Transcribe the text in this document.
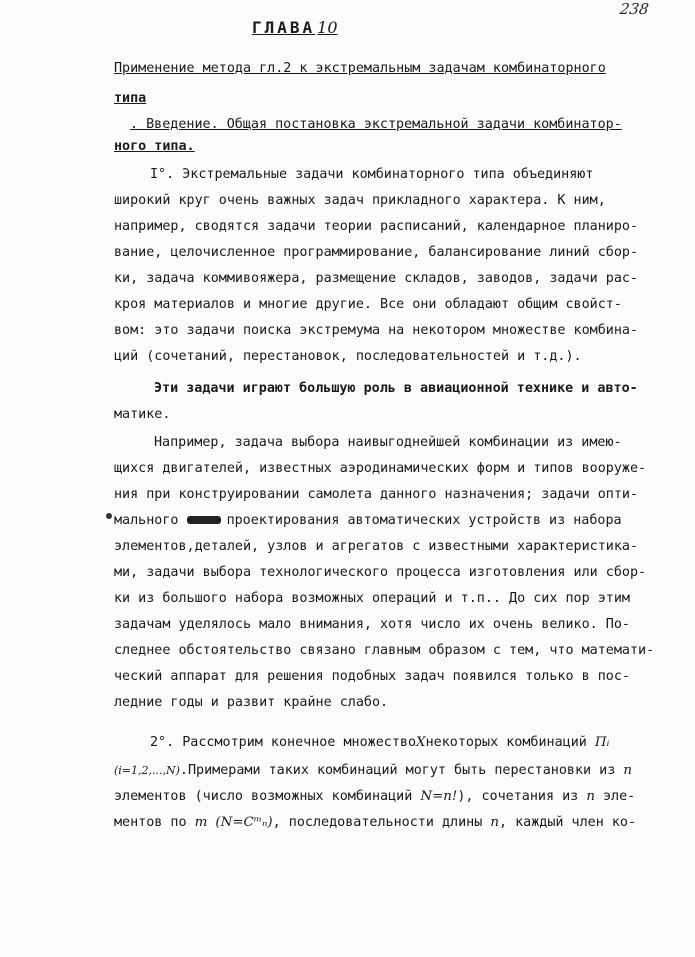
238
ГЛАВА 10
Применение метода гл.2 к экстремальным задачам комбинаторного
типа
. Введение. Общая постановка экстремальной задачи комбинатор-
ного типа.
I°. Экстремальные задачи комбинаторного типа объединяют
широкий круг очень важных задач прикладного характера. К ним,
например, сводятся задачи теории расписаний, календарное планиро-
вание, целочисленное программирование, балансирование линий сбор-
ки, задача коммивояжера, размещение складов, заводов, задачи рас-
кроя материалов и многие другие. Все они обладают общим свойст-
вом: это задачи поиска экстремума на некотором множестве комбина-
ций (сочетаний, перестановок, последовательностей и т.д.).
Эти задачи играют большую роль в авиационной технике и авто-
матике.
Например, задача выбора наивыгоднейшей комбинации из имею-
щихся двигателей, известных аэродинамических форм и типов вооруже-
ния при конструировании самолета данного назначения; задачи опти-
мального	проектирования автоматических устройств из набора
элементов,деталей, узлов и агрегатов с известными характеристика-
ми, задачи выбора технологического процесса изготовления или сбор-
ки из большого набора возможных операций и т.п.. До сих пор этим
задачам уделялось мало внимания, хотя число их очень велико. По-
следнее обстоятельство связано главным образом с тем, что математи-
ческий аппарат для решения подобных задач появился только в пос-
ледние годы и развит крайне слабо.
2°. Рассмотрим конечное множествоXнекоторых комбинаций Πᵢ
(i=1,2,...,N).Примерами таких комбинаций могут быть перестановки из n
элементов (число возможных комбинаций N=n!), сочетания из n эле-
ментов по m (N=Cᵐₙ), последовательности длины n, каждый член ко-
